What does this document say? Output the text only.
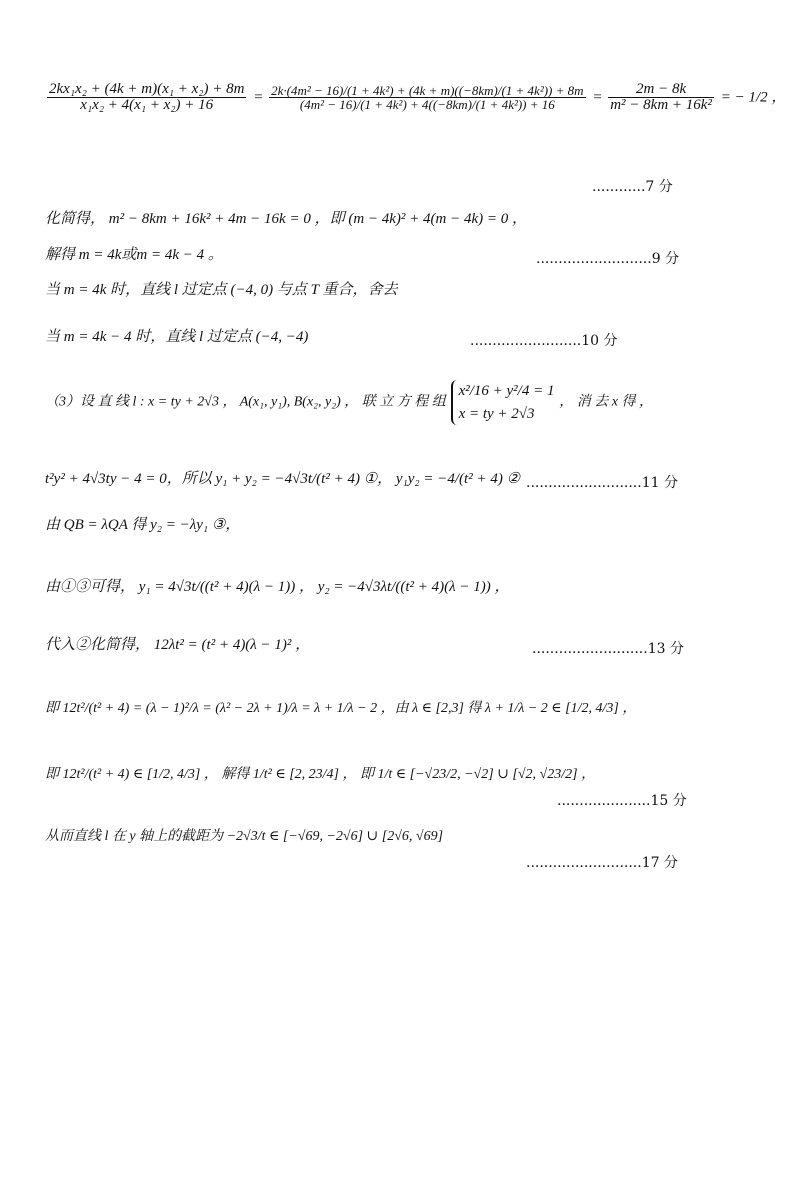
$\frac{\text{2kx₁x₂ + (4k + m)(x₁ + x₂) + 8m}}{\text{x₁x₂ + 4(x₁ + x₂) + 16}} = \frac{\text{2k·(4m² − 16)/(1 + 4k²) + (4k + m)((−8km)/(1 + 4k²)) + 8m}}{\text{(4m² − 16)/(1 + 4k²) + 4((−8km)/(1 + 4k²)) + 16}} = \frac{2m - 8k}{\text{m² − 8km + 16k²}}$ = − 1/2 ，
............7 分
化简得， m² − 8km + 16k² + 4m − 16k = 0 ，即 (m − 4k)² + 4(m − 4k) = 0 ，
解得 m = 4k或m = 4k − 4 。	..........................9 分
当 m = 4k 时，直线 l 过定点 (−4, 0) 与点 T 重合，舍去
当 m = 4k − 4 时，直线 l 过定点 (−4, −4)	.........................10 分
（3）设 直 线 l : x = ty + 2√3 ， A(x₁, y₁), B(x₂, y₂) ， 联 立 方 程 组
x²/16 + y²/4 = 1
x = ty + 2√3
， 消 去 x 得 ，
t²y² + 4√3ty − 4 = 0，所以 y₁ + y₂ = −4√3t/(t² + 4) ①， y₁y₂ = −4/(t² + 4) ② ..........................11 分
由 QB = λQA 得 y₂ = −λy₁ ③，
由①③可得， y₁ = 4√3t/((t² + 4)(λ − 1)) ， y₂ = −4√3λt/((t² + 4)(λ − 1)) ，
代入②化简得， 12λt² = (t² + 4)(λ − 1)² ，	..........................13 分
即 12t²/(t² + 4) = (λ − 1)²/λ = (λ² − 2λ + 1)/λ = λ + 1/λ − 2 ，由 λ ∈ [2,3] 得 λ + 1/λ − 2 ∈ [1/2, 4/3] ，
即 12t²/(t² + 4) ∈ [1/2, 4/3] ， 解得 1/t² ∈ [2, 23/4] ， 即 1/t ∈ [−√23/2, −√2] ∪ [√2, √23/2] ，
.....................15 分
从而直线 l 在 y 轴上的截距为 −2√3/t ∈ [−√69, −2√6] ∪ [2√6, √69]
..........................17 分
